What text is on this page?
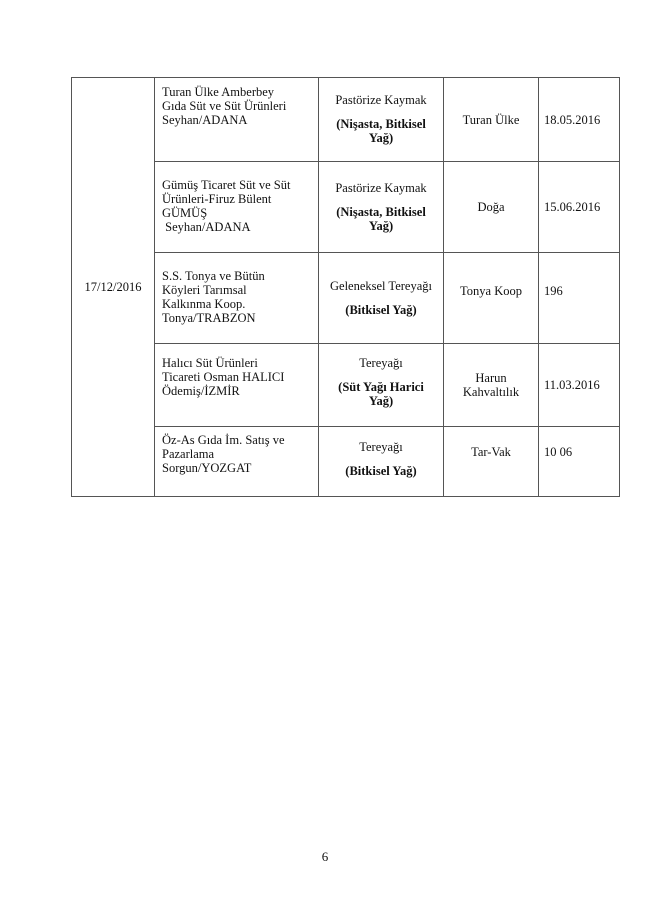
17/12/2016	Turan Ülke Amberbey
Gıda Süt ve Süt Ürünleri
Seyhan/ADANA	Pastörize Kaymak
(Nişasta, Bitkisel
Yağ)	Turan Ülke	18.05.2016

	Gümüş Ticaret Süt ve Süt
Ürünleri-Firuz Bülent
GÜMÜŞ
Seyhan/ADANA	Pastörize Kaymak
(Nişasta, Bitkisel
Yağ)	Doğa	15.06.2016

	S.S. Tonya ve Bütün
Köyleri Tarımsal
Kalkınma Koop.
Tonya/TRABZON	Geleneksel Tereyağı
(Bitkisel Yağ)	Tonya Koop	196

	Halıcı Süt Ürünleri
Ticareti Osman HALICI
Ödemiş/İZMİR	Tereyağı
(Süt Yağı Harici
Yağ)	Harun
Kahvaltılık	11.03.2016

	Öz-As Gıda İm. Satış ve
Pazarlama
Sorgun/YOZGAT	Tereyağı
(Bitkisel Yağ)	Tar-Vak	10 06
6
